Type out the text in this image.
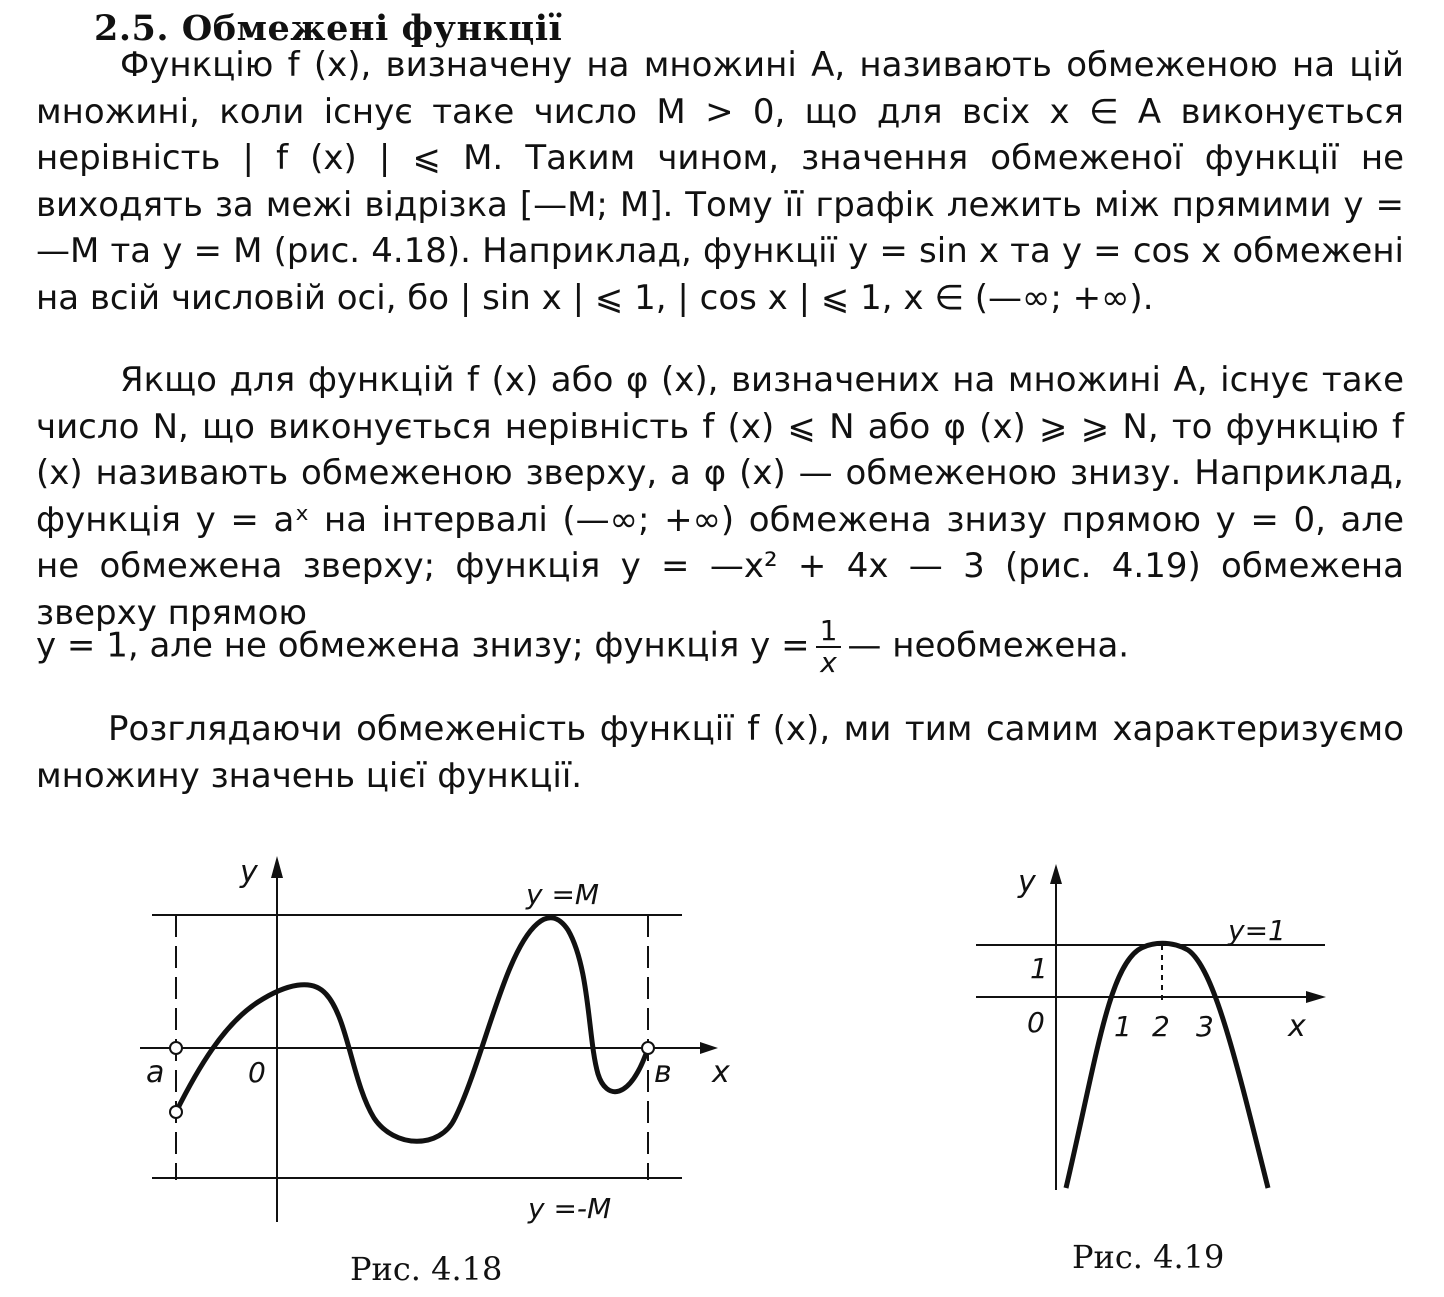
2.5. Обмежені функції

Функцію f (x), визначену на множині A, називають обмеженою на цій множині, коли існує таке число M > 0, що для всіх x ∈ A виконується нерівність | f (x) | ⩽ M. Таким чином, значення обмеженої функції не виходять за межі відрізка [—M; M]. Тому її графік лежить між прямими y = —M та y = M (рис. 4.18). Наприклад, функції y = sin x та y = cos x обмежені на всій числовій осі, бо | sin x | ⩽ 1, | cos x | ⩽ 1, x ∈ (—∞; +∞).

Якщо для функцій f (x) або φ (x), визначених на множині A, існує таке число N, що виконується нерівність f (x) ⩽ N або φ (x) ⩾ ⩾ N, то функцію f (x) називають обмеженою зверху, а φ (x) — обмеженою знизу. Наприклад, функція y = aˣ на інтервалі (—∞; +∞) обмежена знизу прямою y = 0, але не обмежена зверху; функція y = —x² + 4x — 3 (рис. 4.19) обмежена зверху прямою

y = 1, але не обмежена знизу; функція $y = \frac{1}{x}$ — необмежена.

Розглядаючи обмеженість функції f (x), ми тим самим характеризуємо множину значень цієї функції.

y
x
0
a	в
y =M
y =-M
y
x
0
1
1 2 3
y=1

Рис. 4.18	Рис. 4.19
